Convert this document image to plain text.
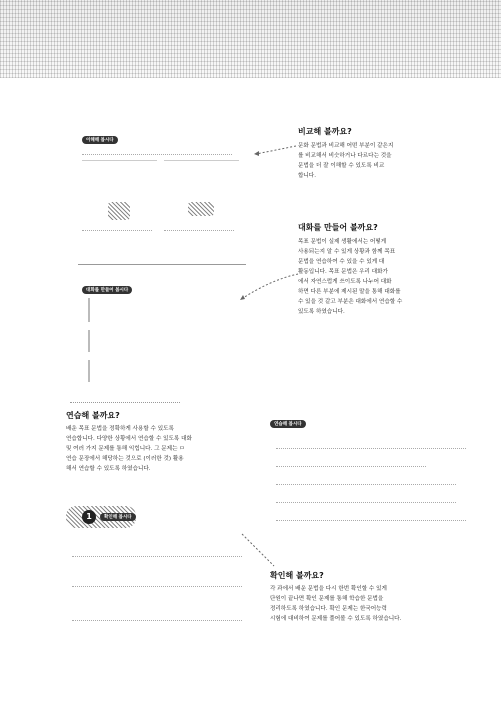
이해해 봅시다
대화를 만들어 봅시다
비교해 볼까요?
문화 문법과 비교해 어떤 부분이 같은지
를 비교해서 비슷하거나 다르다는 것을
문법을 더 잘 이해할 수 있도록 비교
합니다.
대화를 만들어 볼까요?
목표 문법이 실제 생활에서는 어떻게
사용되는지 알 수 있게 상황과 함께 목표
문법을 연습하여 수 있을 수 있게 대
활동입니다. 목표 문법은 우리 대화가
에서 자연스럽게 쓰이도록 나누어 대화
하면 다른 부분에 제시된 말을 통해 대화를
수 있을 것 같고 부분은 대화에서 연습할 수
있도록 하였습니다.
연습해 볼까요?
배운 목표 문법을 정확하게 사용할 수 있도록
연습합니다. 다양한 상황에서 연습할 수 있도록 대화
및 여러 가지 문제를 통해 익힙니다. 그 문제는 ㅁ
연습 문장에서 해당하는 것으로 (이러한 것) 활용
해서 연습할 수 있도록 하였습니다.
연습해 봅시다
1	확인해 봅시다
확인해 볼까요?
각 과에서 배운 문법을 다시 한번 확인할 수 있게
단원이 끝나면 확인 문제를 통해 학습한 문법을
정리하도록 하였습니다. 확인 문제는 한국어능력
시험에 대비하여 문제를 풀어볼 수 있도록 하였습니다.
